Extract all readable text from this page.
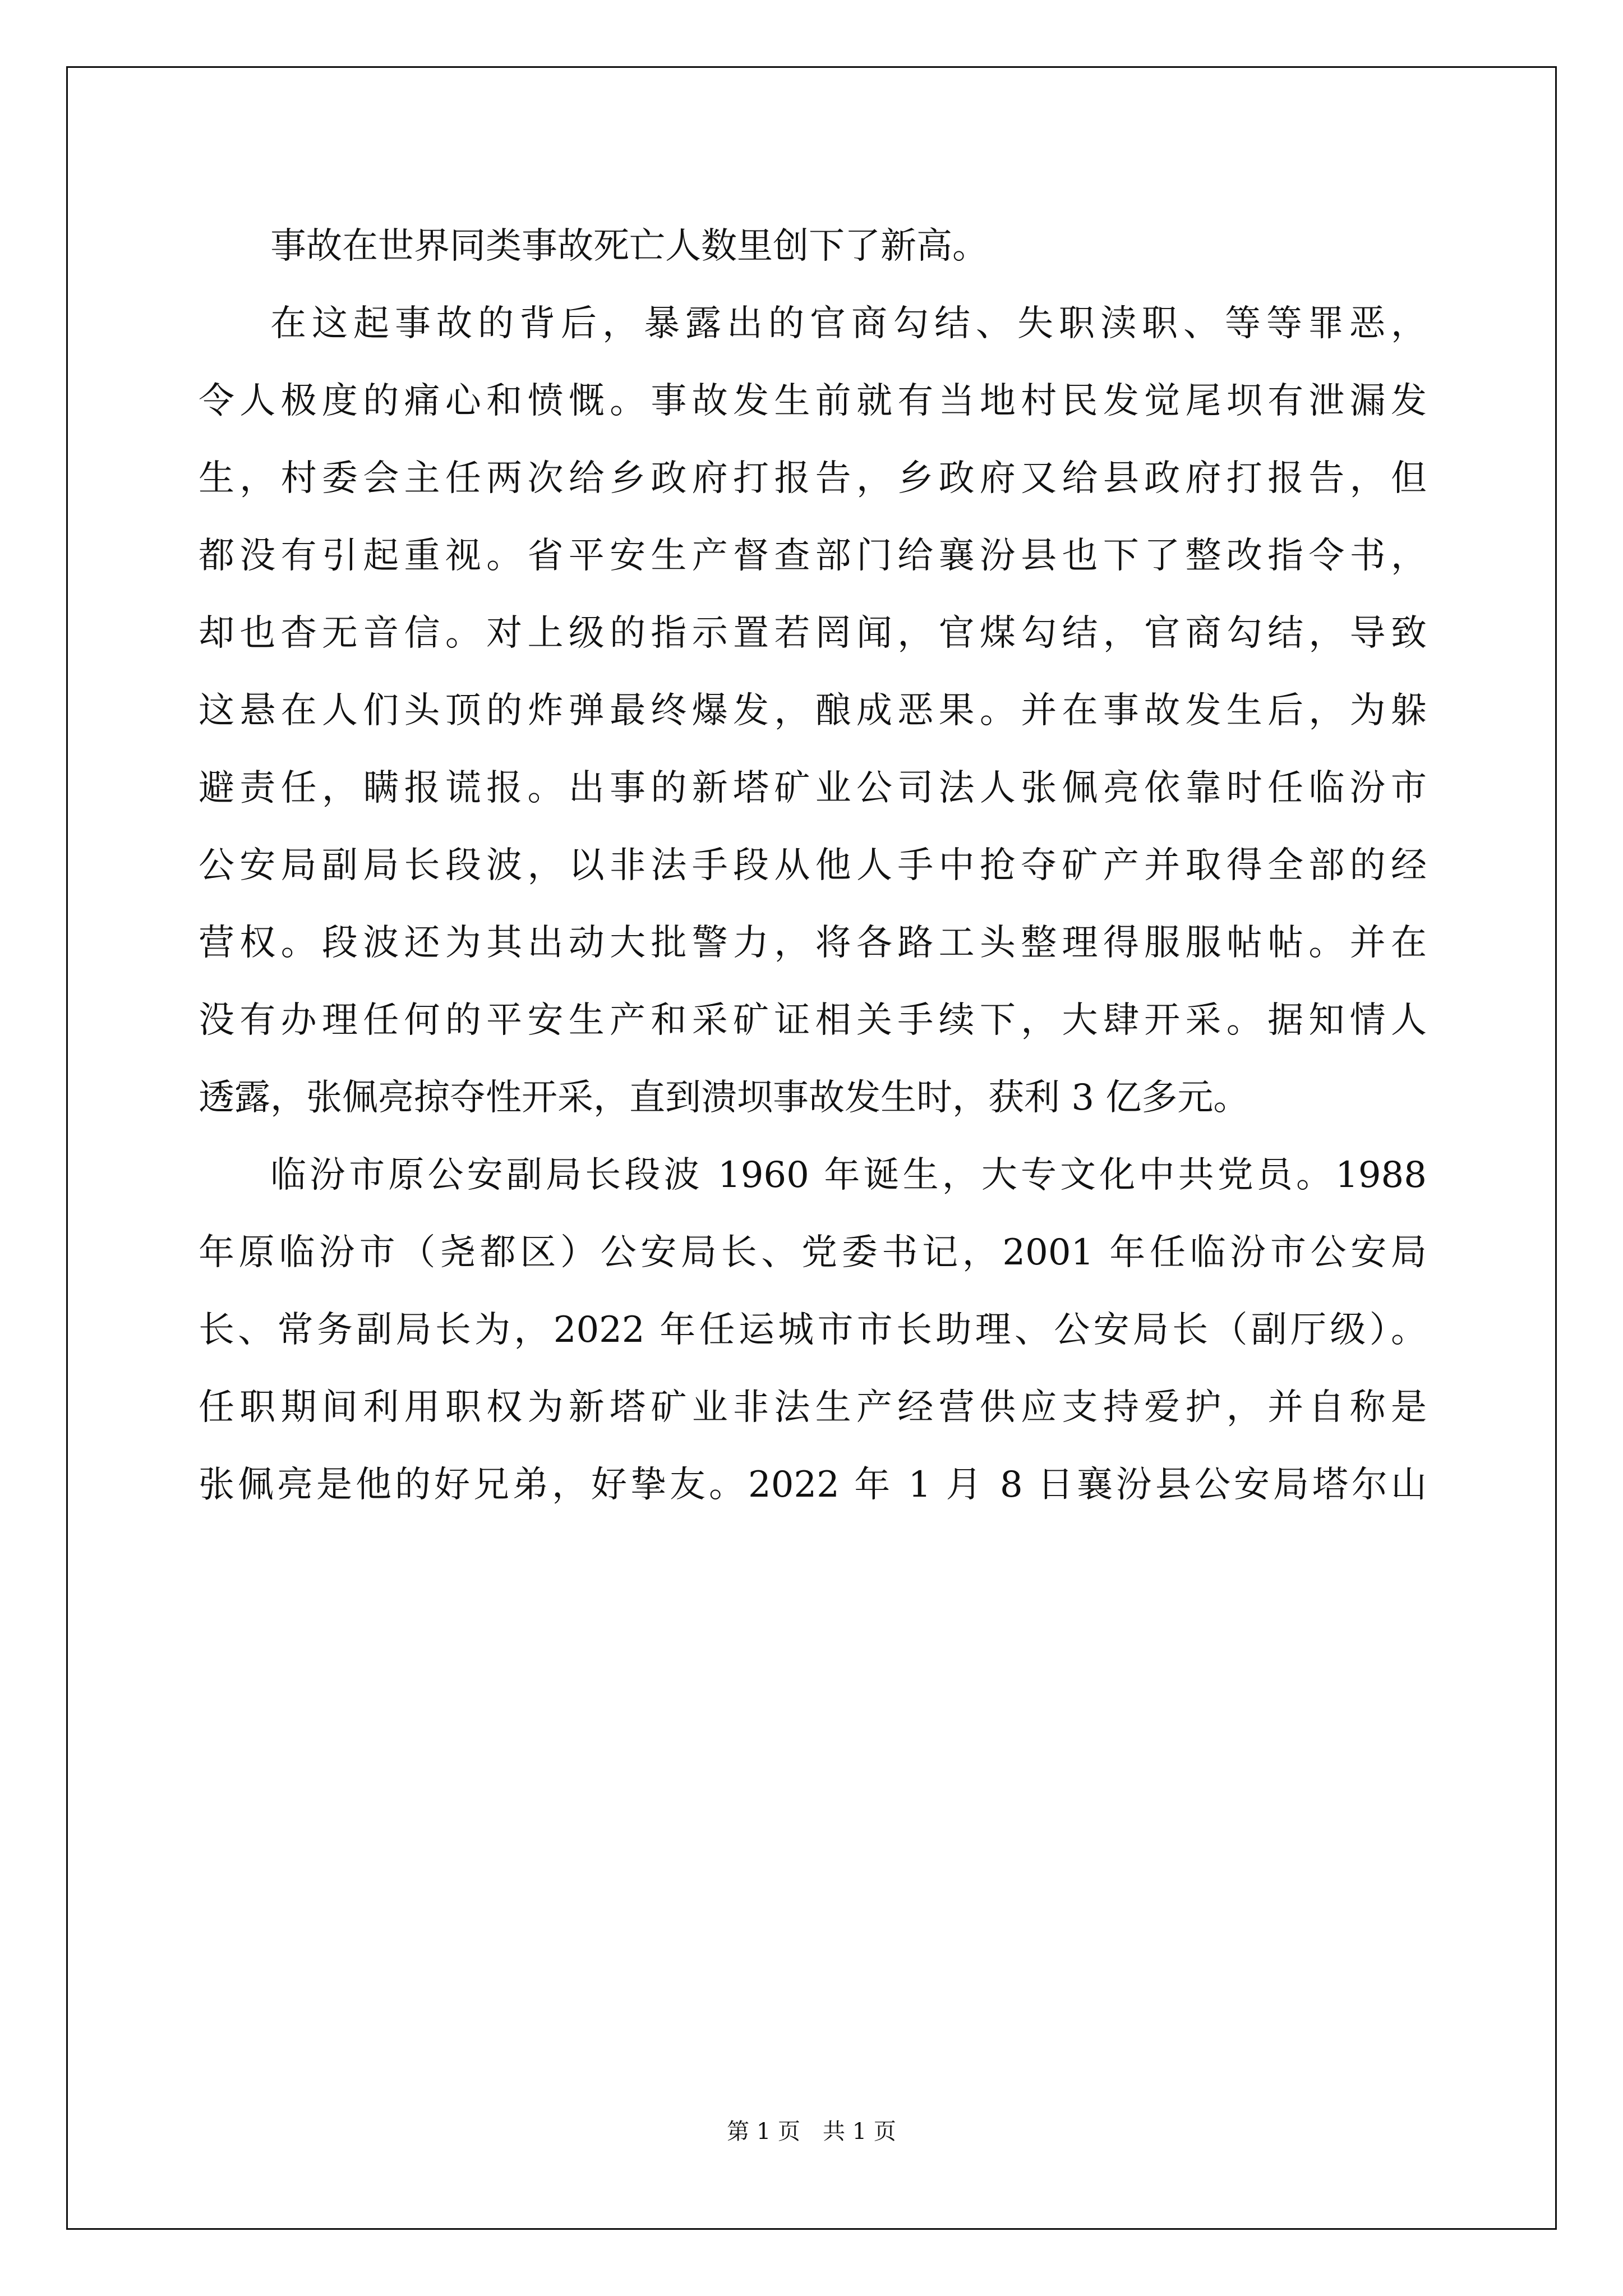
事故在世界同类事故死亡人数里创下了新高。
在这起事故的背后，暴露出的官商勾结、失职渎职、等等罪恶，
令人极度的痛心和愤慨。事故发生前就有当地村民发觉尾坝有泄漏发
生，村委会主任两次给乡政府打报告，乡政府又给县政府打报告，但
都没有引起重视。省平安生产督查部门给襄汾县也下了整改指令书，
却也杳无音信。对上级的指示置若罔闻，官煤勾结，官商勾结，导致
这悬在人们头顶的炸弹最终爆发，酿成恶果。并在事故发生后，为躲
避责任，瞒报谎报。出事的新塔矿业公司法人张佩亮依靠时任临汾市
公安局副局长段波，以非法手段从他人手中抢夺矿产并取得全部的经
营权。段波还为其出动大批警力，将各路工头整理得服服帖帖。并在
没有办理任何的平安生产和采矿证相关手续下，大肆开采。据知情人
透露，张佩亮掠夺性开采，直到溃坝事故发生时，获利 3 亿多元。
临汾市原公安副局长段波 1960 年诞生，大专文化中共党员。1988
年原临汾市（尧都区）公安局长、党委书记，2001 年任临汾市公安局
长、常务副局长为，2022 年任运城市市长助理、公安局长（副厅级）。
任职期间利用职权为新塔矿业非法生产经营供应支持爱护，并自称是
张佩亮是他的好兄弟，好挚友。2022 年 1 月 8 日襄汾县公安局塔尔山
第 1 页 共 1 页
